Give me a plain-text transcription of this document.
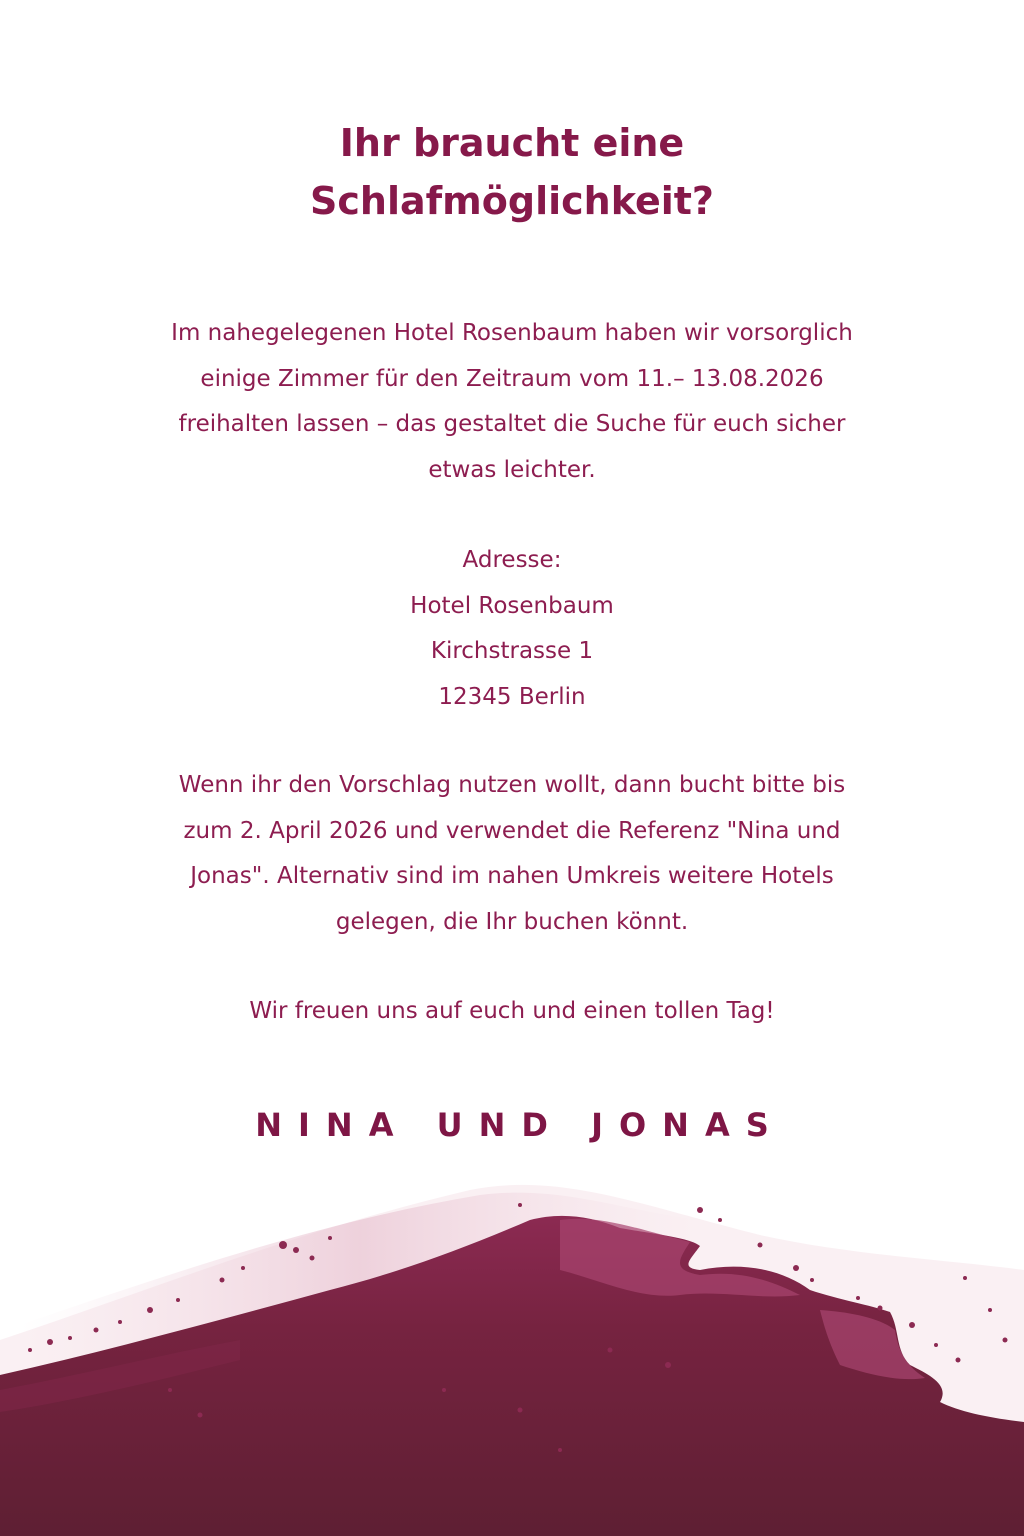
Ihr braucht eine
Schlafmöglichkeit?
Im nahegelegenen Hotel Rosenbaum haben wir vorsorglich
einige Zimmer für den Zeitraum vom 11.– 13.08.2026
freihalten lassen – das gestaltet die Suche für euch sicher
etwas leichter.
Adresse:
Hotel Rosenbaum
Kirchstrasse 1
12345 Berlin
Wenn ihr den Vorschlag nutzen wollt, dann bucht bitte bis
zum 2. April 2026 und verwendet die Referenz "Nina und
Jonas". Alternativ sind im nahen Umkreis weitere Hotels
gelegen, die Ihr buchen könnt.
Wir freuen uns auf euch und einen tollen Tag!
NINA UND JONAS
